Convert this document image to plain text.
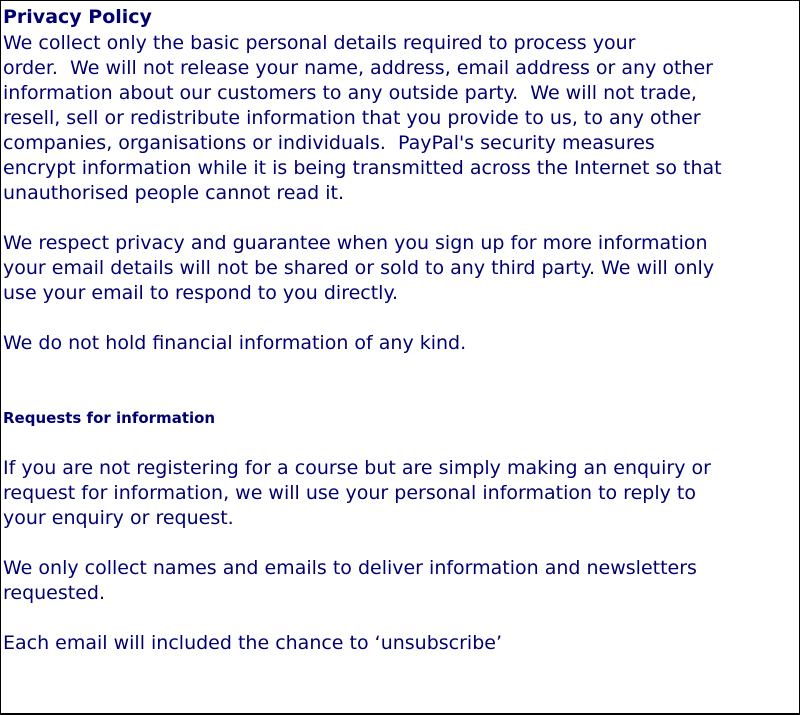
Privacy Policy
We collect only the basic personal details required to process your
order.  We will not release your name, address, email address or any other
information about our customers to any outside party.  We will not trade,
resell, sell or redistribute information that you provide to us, to any other
companies, organisations or individuals.  PayPal's security measures
encrypt information while it is being transmitted across the Internet so that
unauthorised people cannot read it.
We respect privacy and guarantee when you sign up for more information
your email details will not be shared or sold to any third party. We will only
use your email to respond to you directly.
We do not hold financial information of any kind.
Requests for information
If you are not registering for a course but are simply making an enquiry or
request for information, we will use your personal information to reply to
your enquiry or request.
We only collect names and emails to deliver information and newsletters
requested.
Each email will included the chance to ‘unsubscribe’
